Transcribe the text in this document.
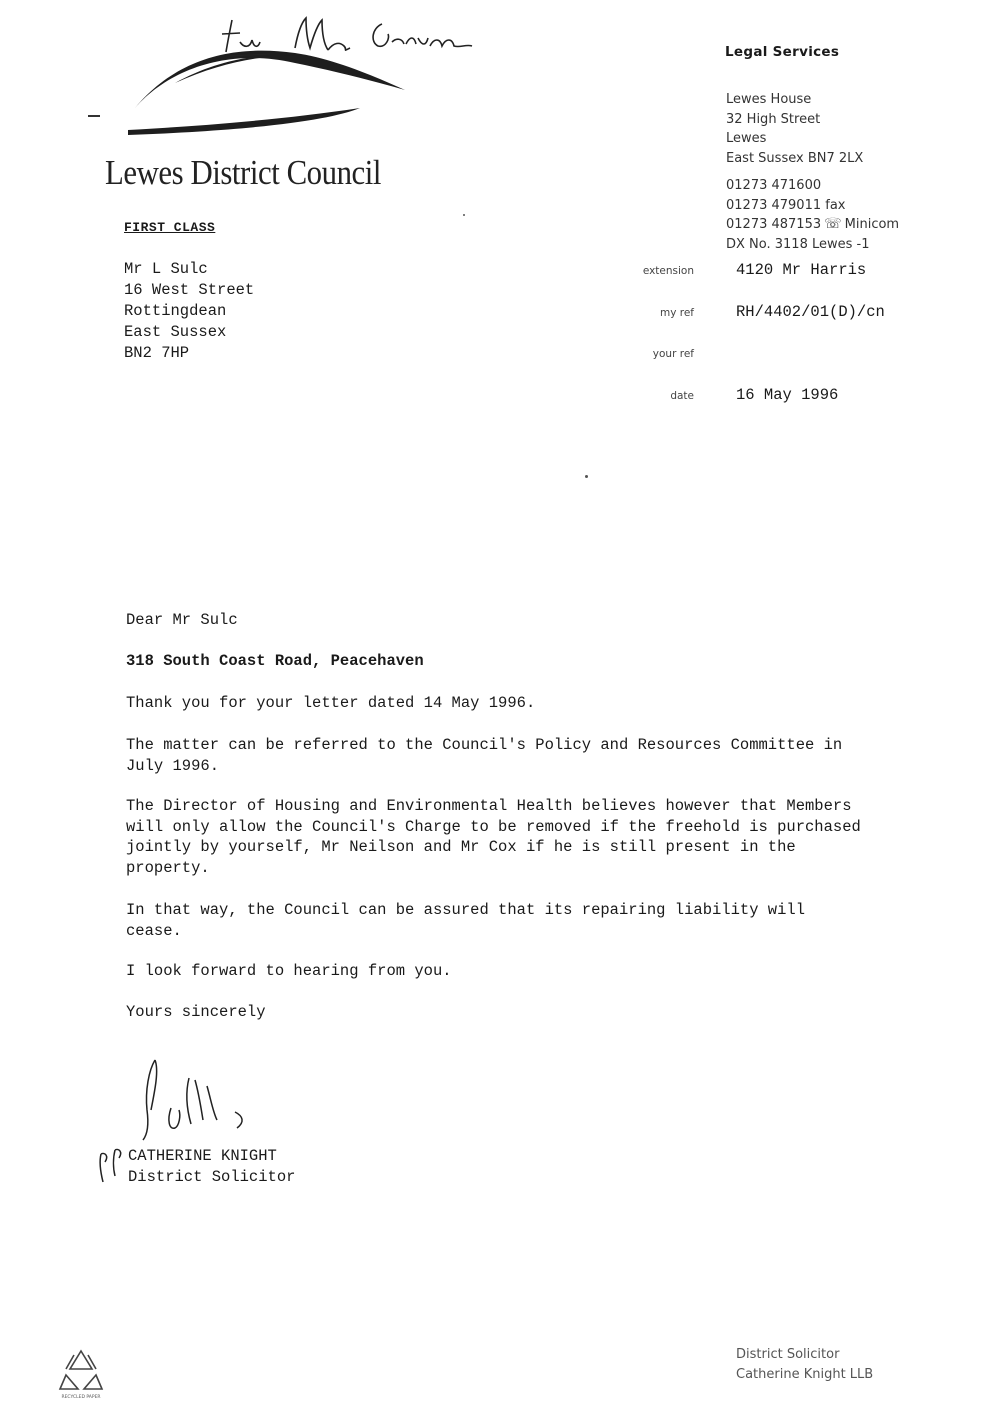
For Mr Garran
Lewes District Council
Legal Services
Lewes House
32 High Street
Lewes
East Sussex BN7 2LX
01273 471600
01273 479011 fax
01273 487153 ☏ Minicom
DX No. 3118 Lewes -1
FIRST CLASS
Mr L Sulc
16 West Street
Rottingdean
East Sussex
BN2 7HP
extension	4120 Mr Harris
my ref	RH/4402/01(D)/cn
your ref
date	16 May 1996
Dear Mr Sulc
318 South Coast Road, Peacehaven
Thank you for your letter dated 14 May 1996.
The matter can be referred to the Council's Policy and Resources Committee in
July 1996.
The Director of Housing and Environmental Health believes however that Members
will only allow the Council's Charge to be removed if the freehold is purchased
jointly by yourself, Mr Neilson and Mr Cox if he is still present in the
property.
In that way, the Council can be assured that its repairing liability will
cease.
I look forward to hearing from you.
Yours sincerely
pp
CATHERINE KNIGHT
District Solicitor
RECYCLED PAPER
District Solicitor
Catherine Knight LLB
